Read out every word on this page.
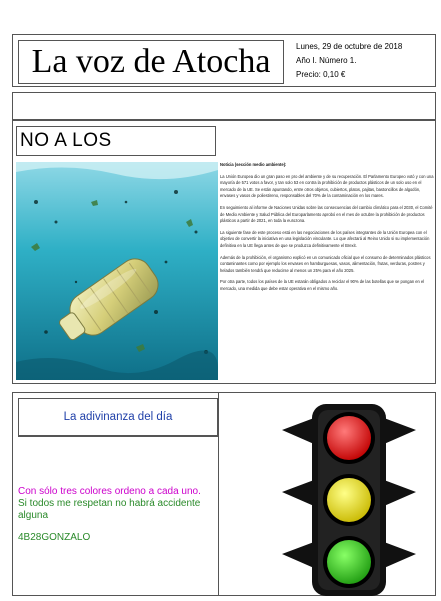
La voz de Atocha	Lunes, 29 de octubre de 2018
Año I. Número 1.
Precio: 0,10 €
NO A LOS

Noticia (sección medio ambiente):

La Unión Europea dio un gran paso en pro del ambiente y de su recuperación. El Parlamento Europeo votó y con una mayoría de 571 votos a favor, y tan solo 53 en contra la prohibición de productos plásticos de un solo uso en el mercado de la UE. Se están apuntando, entre otros objetos, cubiertos, platos, pajitas, bastoncillos de algodón, envases y vasos de poliestireno, responsables del 70% de la contaminación en los mares.

En seguimiento al informe de Naciones Unidas sobre las consecuencias del cambio climático para el 2030, el Comité de Medio Ambiente y Salud Pública del Europarlamento aprobó en el mes de octubre la prohibición de productos plásticos a partir de 2021, en toda la eurozona.

La siguiente fase de este proceso está en las negociaciones de los países integrantes de la Unión Europea con el objetivo de convertir la iniciativa en una legislación vinculante. Lo que afectará al Reino Unido si su implementación definitiva en la UE llega antes de que se produzca definitivamente el Brexit.

Además de la prohibición, el organismo explicó en un comunicado oficial que el consumo de determinados plásticos contaminantes como por ejemplo los envases en hamburguesas, vasos, alimentación, frutas, verduras, postres y helados también tendrá que reducirse al menos un 25% para el año 2025.

Por otra parte, todos los países de la UE estarán obligados a reciclar el 90% de las botellas que se pongan en el mercado, una medida que debe estar operativa en el mismo año.

La adivinanza del día
Con sólo tres colores ordeno a cada uno.
Si todos me respetan no habrá accidente alguna
4B28GONZALO
